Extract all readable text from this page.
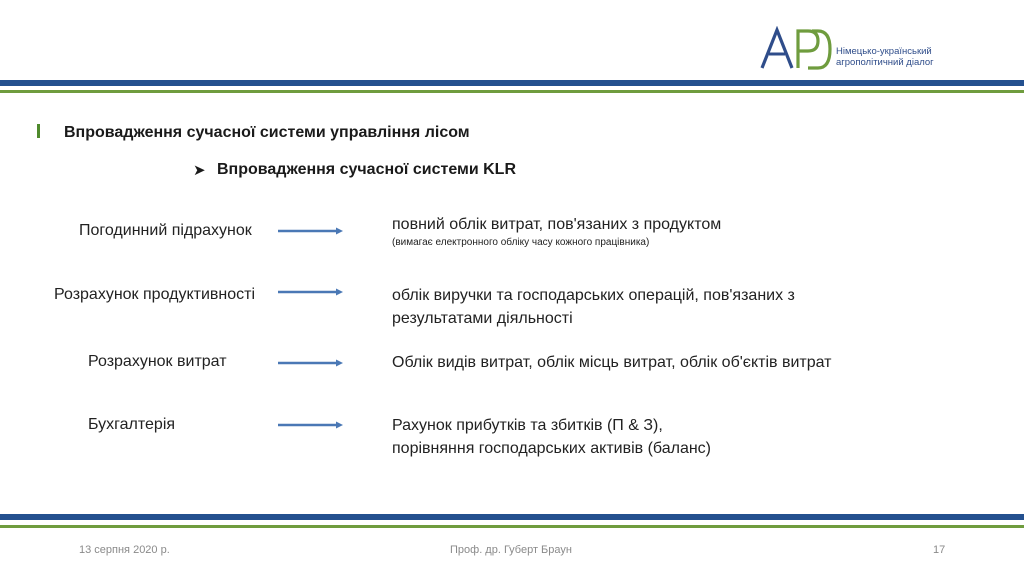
Німецько-український
агрополітичний діалог
Впровадження сучасної системи управління лісом
➤ Впровадження сучасної системи KLR
Погодинний підрахунок	повний облік витрат, пов'язаних з продуктом
(вимагає електронного обліку часу кожного працівника)
Розрахунок продуктивності	облік виручки та господарських операцій, пов'язаних з
результатами діяльності
Розрахунок витрат	Облік видів витрат, облік місць витрат, облік об'єктів витрат
Бухгалтерія	Рахунок прибутків та збитків (П & З),
порівняння господарських активів (баланс)
13 серпня 2020 р.	Проф. др. Губерт Браун	17
